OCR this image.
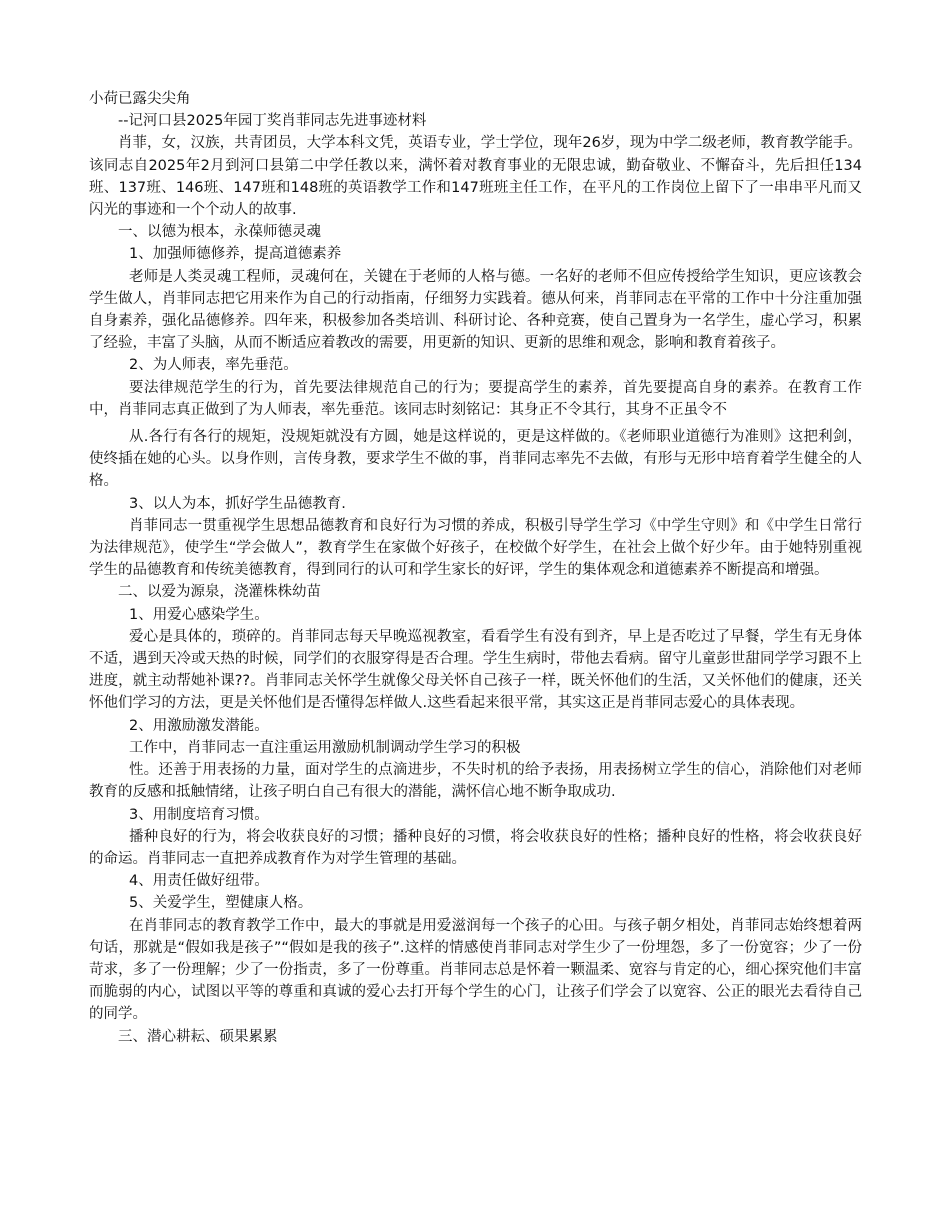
小荷已露尖尖角
--记河口县2025年园丁奖肖菲同志先进事迹材料
肖菲，女，汉族，共青团员，大学本科文凭，英语专业，学士学位，现年26岁，现为中学二级老师，教育教学能手。该同志自2025年2月到河口县第二中学任教以来，满怀着对教育事业的无限忠诚，勤奋敬业、不懈奋斗，先后担任134班、137班、146班、147班和148班的英语教学工作和147班班主任工作，在平凡的工作岗位上留下了一串串平凡而又闪光的事迹和一个个动人的故事.
一、以德为根本，永葆师德灵魂
1、加强师德修养，提高道德素养
老师是人类灵魂工程师，灵魂何在，关键在于老师的人格与德。一名好的老师不但应传授给学生知识，更应该教会学生做人，肖菲同志把它用来作为自己的行动指南，仔细努力实践着。德从何来，肖菲同志在平常的工作中十分注重加强自身素养，强化品德修养。四年来，积极参加各类培训、科研讨论、各种竞赛，使自己置身为一名学生，虚心学习，积累了经验，丰富了头脑，从而不断适应着教改的需要，用更新的知识、更新的思维和观念，影响和教育着孩子。
2、为人师表，率先垂范。
要法律规范学生的行为，首先要法律规范自己的行为；要提高学生的素养，首先要提高自身的素养。在教育工作中，肖菲同志真正做到了为人师表，率先垂范。该同志时刻铭记：其身正不令其行，其身不正虽令不
从.各行有各行的规矩，没规矩就没有方圆，她是这样说的，更是这样做的。《老师职业道德行为准则》这把利剑，使终插在她的心头。以身作则，言传身教，要求学生不做的事，肖菲同志率先不去做，有形与无形中培育着学生健全的人格。
3、以人为本，抓好学生品德教育.
肖菲同志一贯重视学生思想品德教育和良好行为习惯的养成，积极引导学生学习《中学生守则》和《中学生日常行为法律规范》，使学生“学会做人”，教育学生在家做个好孩子，在校做个好学生，在社会上做个好少年。由于她特别重视学生的品德教育和传统美德教育，得到同行的认可和学生家长的好评，学生的集体观念和道德素养不断提高和增强。
二、以爱为源泉，浇灌株株幼苗
1、用爱心感染学生。
爱心是具体的，琐碎的。肖菲同志每天早晚巡视教室，看看学生有没有到齐，早上是否吃过了早餐，学生有无身体不适，遇到天冷或天热的时候，同学们的衣服穿得是否合理。学生生病时，带他去看病。留守儿童彭世甜同学学习跟不上进度，就主动帮她补课??。肖菲同志关怀学生就像父母关怀自己孩子一样，既关怀他们的生活，又关怀他们的健康，还关怀他们学习的方法，更是关怀他们是否懂得怎样做人.这些看起来很平常，其实这正是肖菲同志爱心的具体表现。
2、用激励激发潜能。
工作中，肖菲同志一直注重运用激励机制调动学生学习的积极
性。还善于用表扬的力量，面对学生的点滴进步，不失时机的给予表扬，用表扬树立学生的信心，消除他们对老师教育的反感和抵触情绪，让孩子明白自己有很大的潜能，满怀信心地不断争取成功.
3、用制度培育习惯。
播种良好的行为，将会收获良好的习惯；播种良好的习惯，将会收获良好的性格；播种良好的性格，将会收获良好的命运。肖菲同志一直把养成教育作为对学生管理的基础。
4、用责任做好纽带。
5、关爱学生，塑健康人格。
在肖菲同志的教育教学工作中，最大的事就是用爱滋润每一个孩子的心田。与孩子朝夕相处，肖菲同志始终想着两句话，那就是“假如我是孩子”“假如是我的孩子”.这样的情感使肖菲同志对学生少了一份埋怨，多了一份宽容；少了一份苛求，多了一份理解；少了一份指责，多了一份尊重。肖菲同志总是怀着一颗温柔、宽容与肯定的心，细心探究他们丰富而脆弱的内心，试图以平等的尊重和真诚的爱心去打开每个学生的心门，让孩子们学会了以宽容、公正的眼光去看待自己的同学。
三、潜心耕耘、硕果累累
